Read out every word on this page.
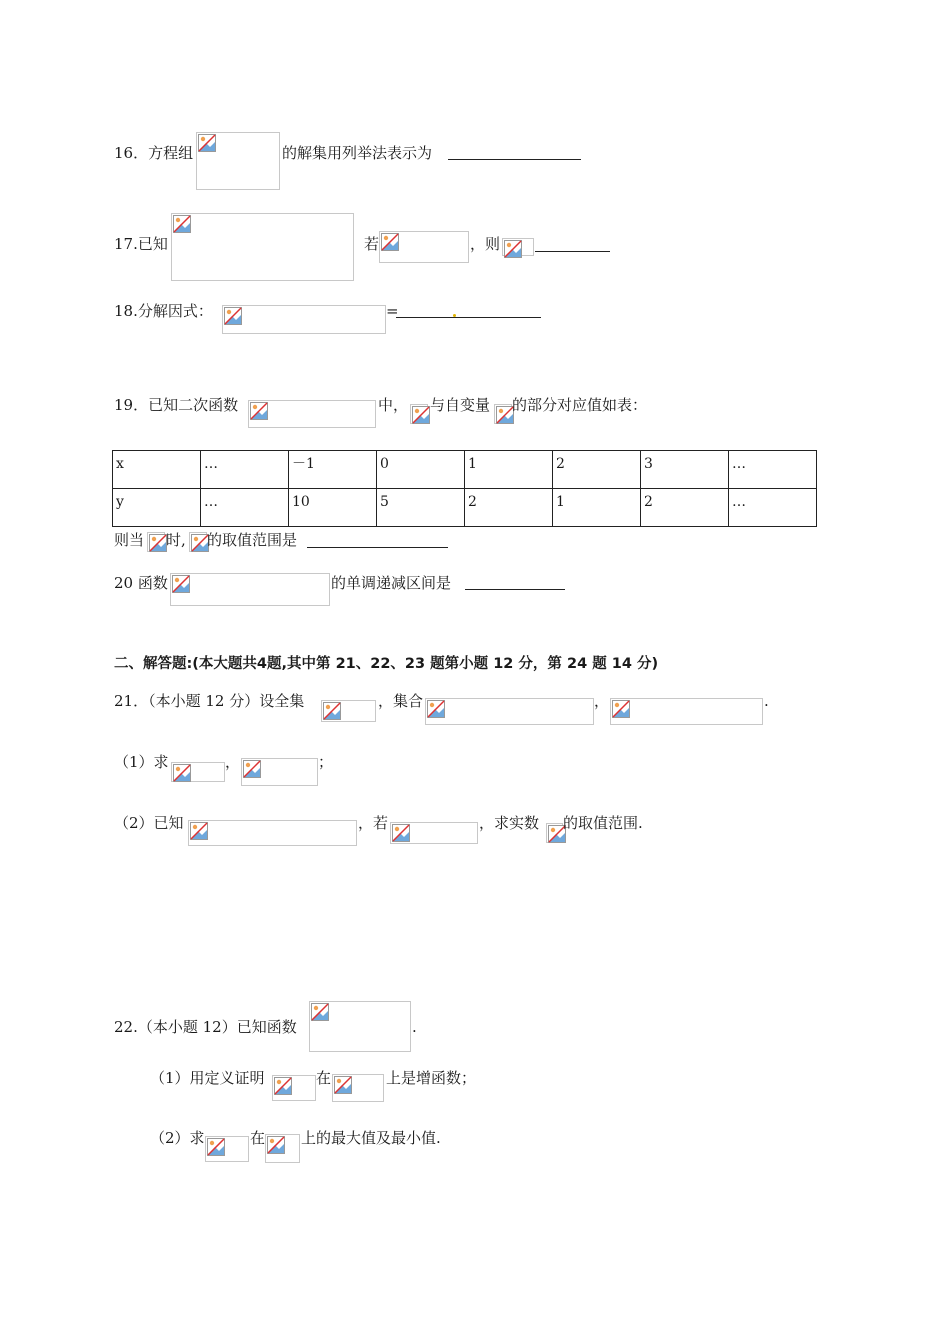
16．方程组	的解集用列举法表示为
17.已知	若	，则
18.分解因式：	=
19．已知二次函数	中， 与自变量 的部分对应值如表：
x	…	－1	0	1	2	3	…
y	…	10	5	2	1	2	…
则当 时, 的取值范围是
20 函数	的单调递减区间是
二、解答题:(本大题共4题,其中第 21、22、23 题第小题 12 分，第 24 题 14 分)
21．（本小题 12 分）设全集	，集合	，	.
（1）求	，	；
（2）已知	，若	，求实数 的取值范围.
22.（本小题 12）已知函数	.
（1）用定义证明	在	上是增函数；
（2）求	在 上的最大值及最小值.
